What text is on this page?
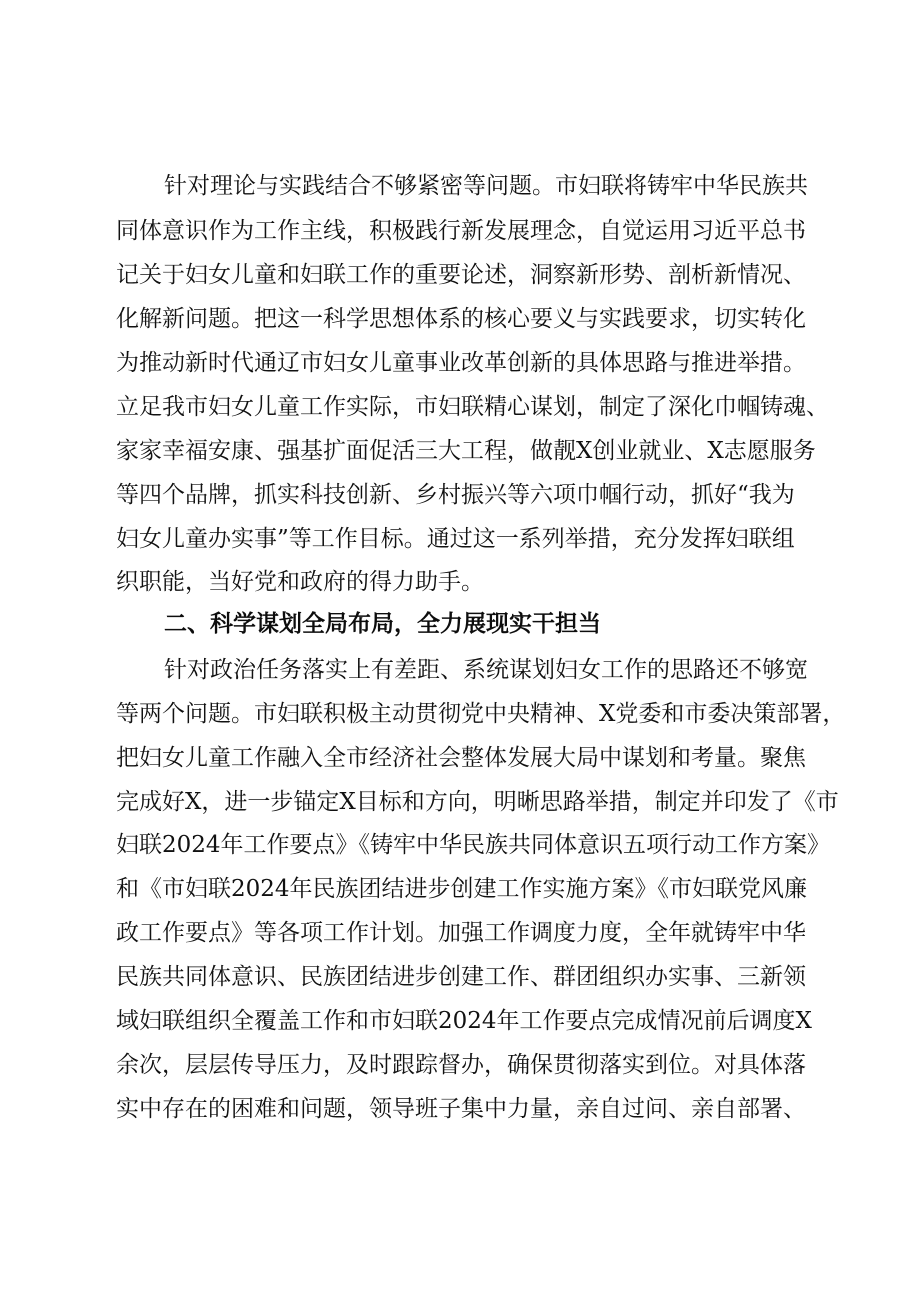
针对理论与实践结合不够紧密等问题。市妇联将铸牢中华民族共
同体意识作为工作主线，积极践行新发展理念，自觉运用习近平总书
记关于妇女儿童和妇联工作的重要论述，洞察新形势、剖析新情况、
化解新问题。把这一科学思想体系的核心要义与实践要求，切实转化
为推动新时代通辽市妇女儿童事业改革创新的具体思路与推进举措。
立足我市妇女儿童工作实际，市妇联精心谋划，制定了深化巾帼铸魂、
家家幸福安康、强基扩面促活三大工程，做靓X创业就业、X志愿服务
等四个品牌，抓实科技创新、乡村振兴等六项巾帼行动，抓好“我为
妇女儿童办实事”等工作目标。通过这一系列举措，充分发挥妇联组
织职能，当好党和政府的得力助手。
二、科学谋划全局布局，全力展现实干担当
针对政治任务落实上有差距、系统谋划妇女工作的思路还不够宽
等两个问题。市妇联积极主动贯彻党中央精神、X党委和市委决策部署，
把妇女儿童工作融入全市经济社会整体发展大局中谋划和考量。聚焦
完成好X，进一步锚定X目标和方向，明晰思路举措，制定并印发了《市
妇联2024年工作要点》《铸牢中华民族共同体意识五项行动工作方案》
和《市妇联2024年民族团结进步创建工作实施方案》《市妇联党风廉
政工作要点》等各项工作计划。加强工作调度力度，全年就铸牢中华
民族共同体意识、民族团结进步创建工作、群团组织办实事、三新领
域妇联组织全覆盖工作和市妇联2024年工作要点完成情况前后调度X
余次，层层传导压力，及时跟踪督办，确保贯彻落实到位。对具体落
实中存在的困难和问题，领导班子集中力量，亲自过问、亲自部署、
